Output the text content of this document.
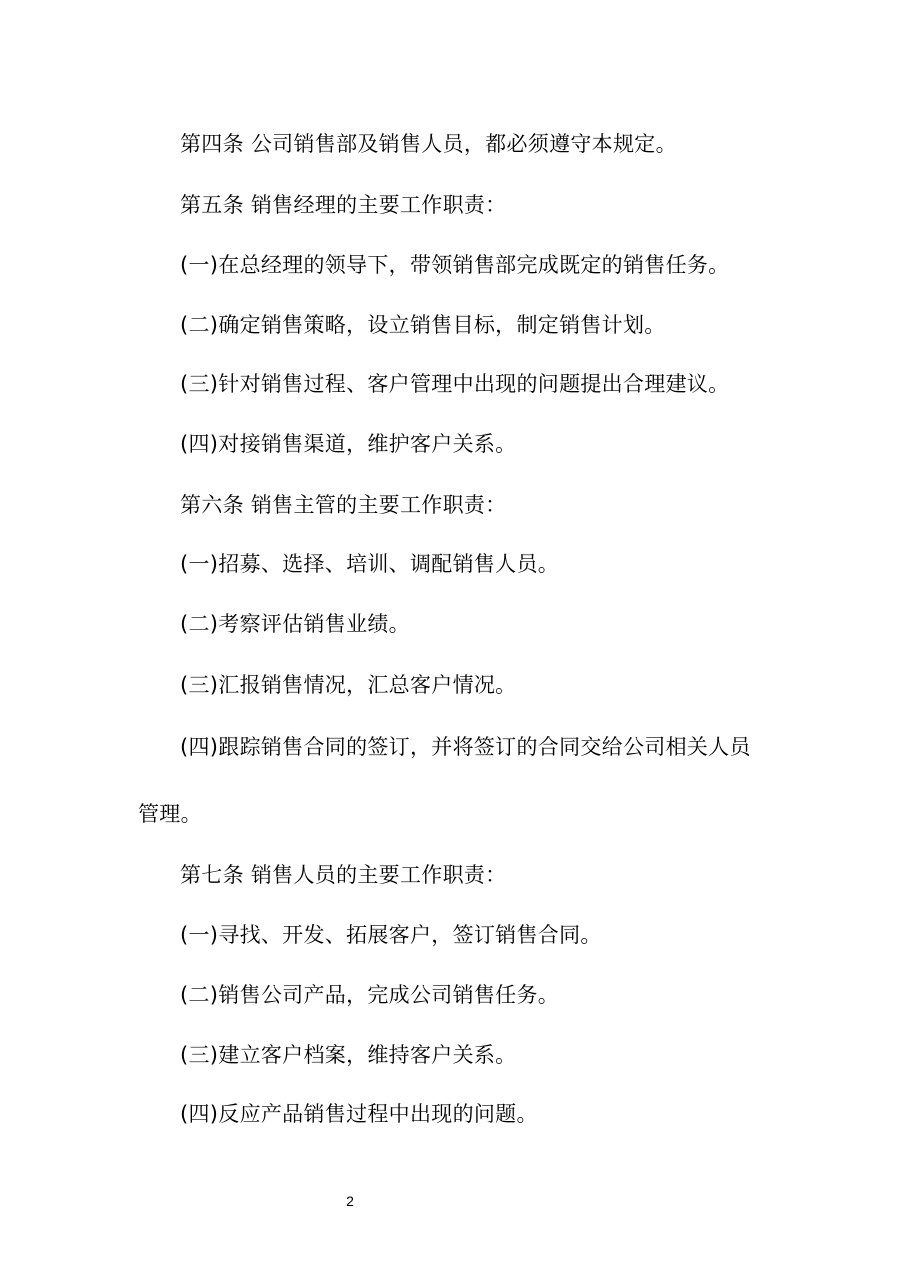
第四条 公司销售部及销售人员，都必须遵守本规定。
第五条 销售经理的主要工作职责：
(一)在总经理的领导下，带领销售部完成既定的销售任务。
(二)确定销售策略，设立销售目标，制定销售计划。
(三)针对销售过程、客户管理中出现的问题提出合理建议。
(四)对接销售渠道，维护客户关系。
第六条 销售主管的主要工作职责：
(一)招募、选择、培训、调配销售人员。
(二)考察评估销售业绩。
(三)汇报销售情况，汇总客户情况。
(四)跟踪销售合同的签订，并将签订的合同交给公司相关人员
管理。
第七条 销售人员的主要工作职责：
(一)寻找、开发、拓展客户，签订销售合同。
(二)销售公司产品，完成公司销售任务。
(三)建立客户档案，维持客户关系。
(四)反应产品销售过程中出现的问题。
2
